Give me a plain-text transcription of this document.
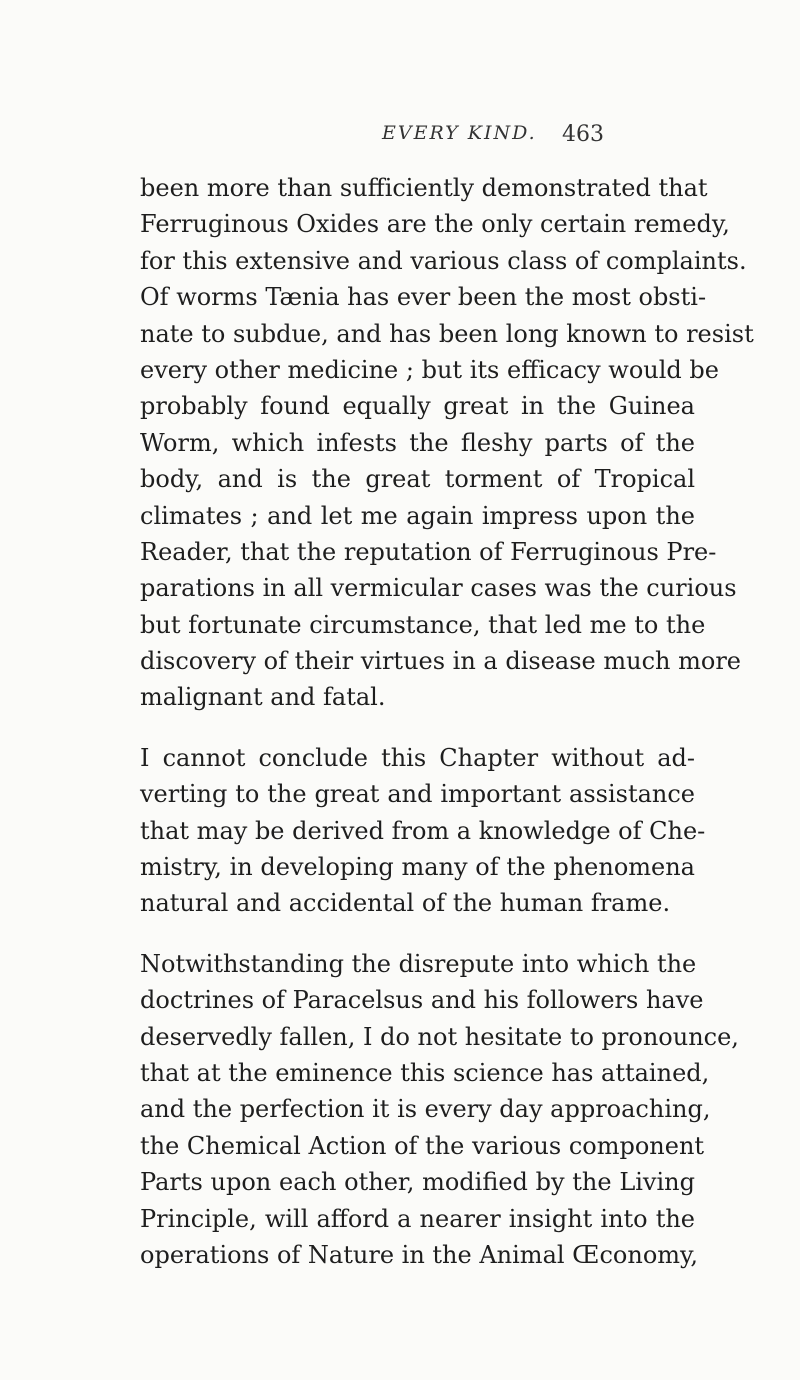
EVERY KIND. 463
been more than sufficiently demonstrated that
Ferruginous Oxides are the only certain remedy,
for this extensive and various class of complaints.
Of worms Tænia has ever been the most obsti-
nate to subdue, and has been long known to resist
every other medicine ; but its efficacy would be
probably found equally great in the Guinea
Worm, which infests the fleshy parts of the
body, and is the great torment of Tropical
climates ; and let me again impress upon the
Reader, that the reputation of Ferruginous Pre-
parations in all vermicular cases was the curious
but fortunate circumstance, that led me to the
discovery of their virtues in a disease much more
malignant and fatal.
I cannot conclude this Chapter without ad-
verting to the great and important assistance
that may be derived from a knowledge of Che-
mistry, in developing many of the phenomena
natural and accidental of the human frame.
Notwithstanding the disrepute into which the
doctrines of Paracelsus and his followers have
deservedly fallen, I do not hesitate to pronounce,
that at the eminence this science has attained,
and the perfection it is every day approaching,
the Chemical Action of the various component
Parts upon each other, modified by the Living
Principle, will afford a nearer insight into the
operations of Nature in the Animal Œconomy,
